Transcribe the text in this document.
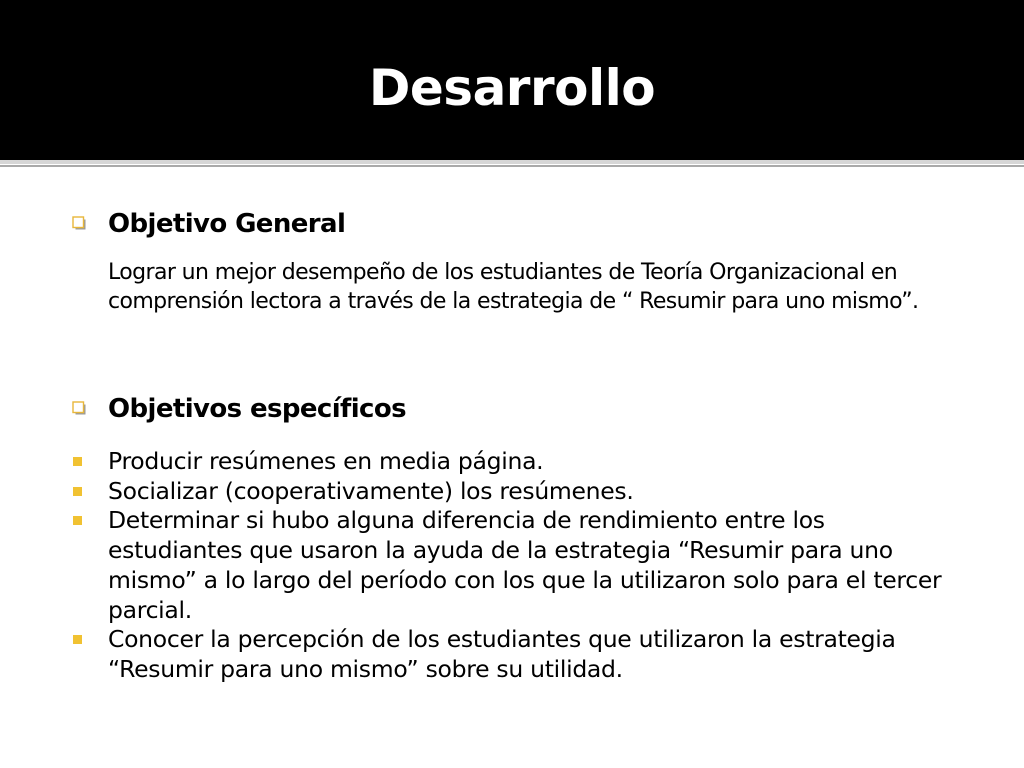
Desarrollo
Objetivo General
Lograr un mejor desempeño de los estudiantes de Teoría Organizacional en comprensión lectora a través de la estrategia de “ Resumir para uno mismo”.
Objetivos específicos
Producir resúmenes en media página.
Socializar (cooperativamente) los resúmenes.
Determinar si hubo alguna diferencia de rendimiento entre los estudiantes que usaron la ayuda de la estrategia “Resumir para uno mismo” a lo largo del período con los que la utilizaron solo para el tercer parcial.
Conocer la percepción de los estudiantes que utilizaron la estrategia “Resumir para uno mismo” sobre su utilidad.
